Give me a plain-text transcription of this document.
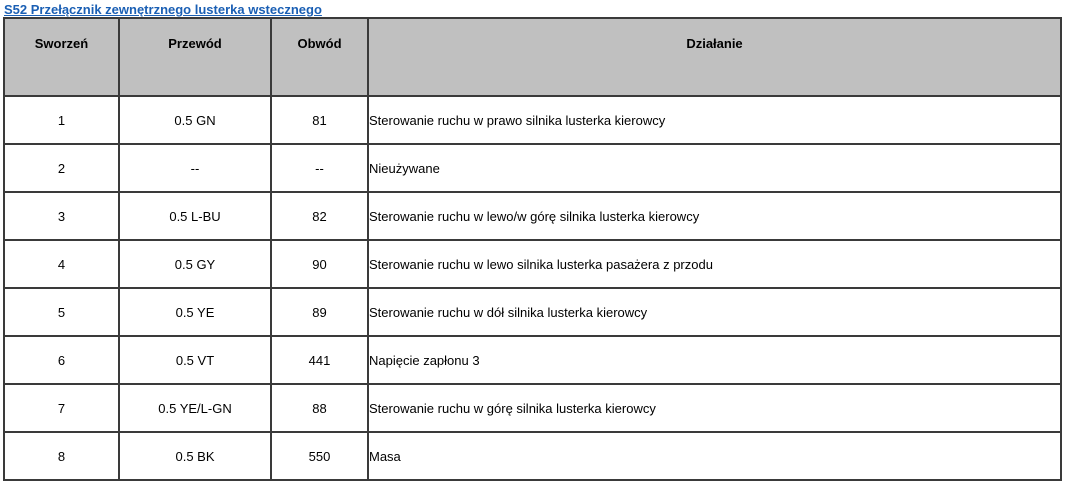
S52 Przełącznik zewnętrznego lusterka wstecznego
Sworzeń	Przewód	Obwód	Działanie
1	0.5 GN	81	Sterowanie ruchu w prawo silnika lusterka kierowcy
2	--	--	Nieużywane
3	0.5 L-BU	82	Sterowanie ruchu w lewo/w górę silnika lusterka kierowcy
4	0.5 GY	90	Sterowanie ruchu w lewo silnika lusterka pasażera z przodu
5	0.5 YE	89	Sterowanie ruchu w dół silnika lusterka kierowcy
6	0.5 VT	441	Napięcie zapłonu 3
7	0.5 YE/L-GN	88	Sterowanie ruchu w górę silnika lusterka kierowcy
8	0.5 BK	550	Masa
